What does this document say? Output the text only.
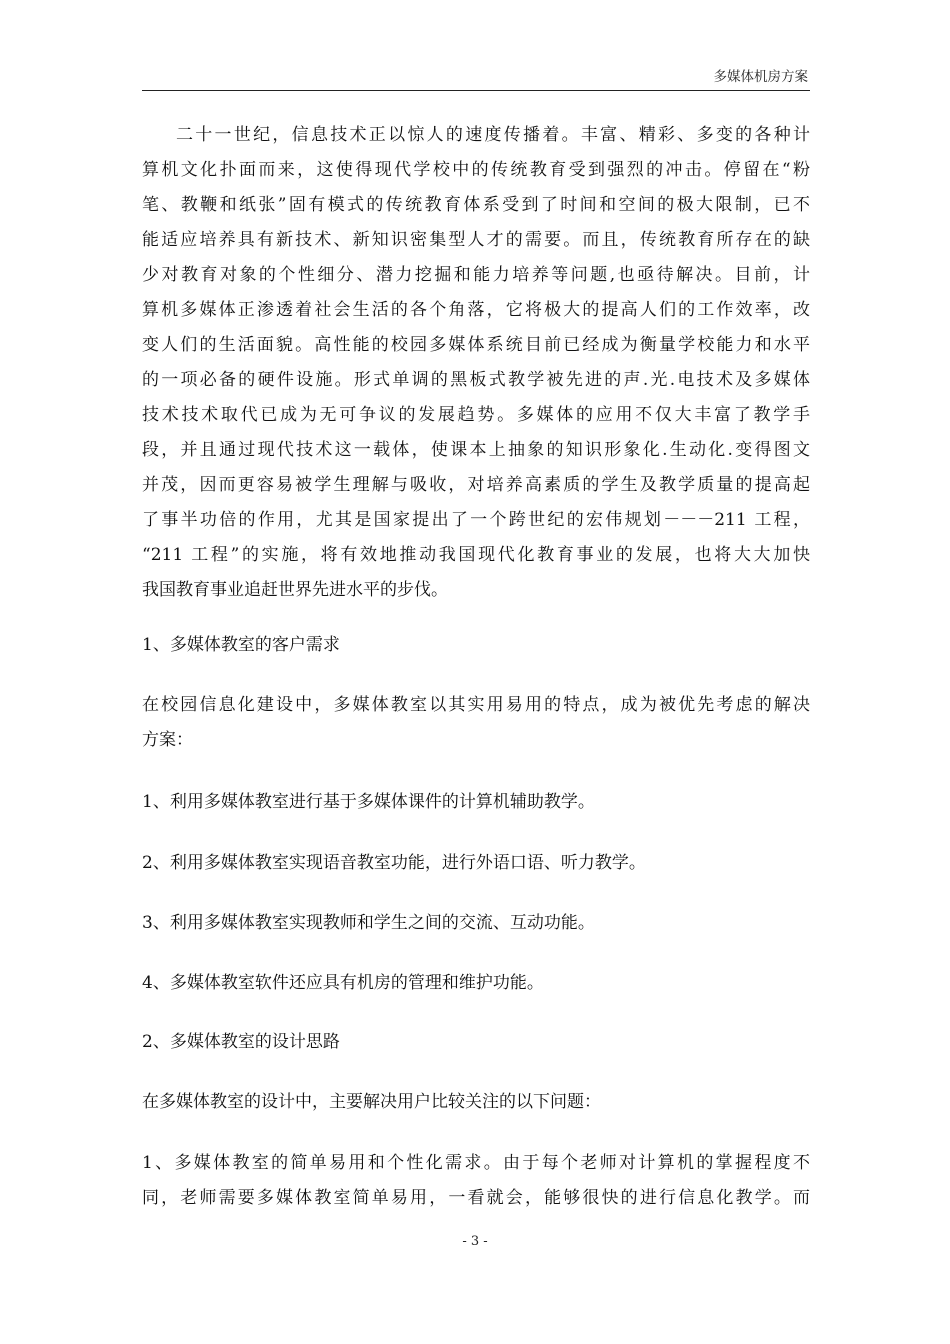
多媒体机房方案
二十一世纪，信息技术正以惊人的速度传播着。丰富、精彩、多变的各种计
算机文化扑面而来，这使得现代学校中的传统教育受到强烈的冲击。停留在“粉
笔、教鞭和纸张”固有模式的传统教育体系受到了时间和空间的极大限制，已不
能适应培养具有新技术、新知识密集型人才的需要。而且，传统教育所存在的缺
少对教育对象的个性细分、潜力挖掘和能力培养等问题,也亟待解决。目前，计
算机多媒体正渗透着社会生活的各个角落，它将极大的提高人们的工作效率，改
变人们的生活面貌。高性能的校园多媒体系统目前已经成为衡量学校能力和水平
的一项必备的硬件设施。形式单调的黑板式教学被先进的声.光.电技术及多媒体
技术技术取代已成为无可争议的发展趋势。多媒体的应用不仅大丰富了教学手
段，并且通过现代技术这一载体，使课本上抽象的知识形象化.生动化.变得图文
并茂，因而更容易被学生理解与吸收，对培养高素质的学生及教学质量的提高起
了事半功倍的作用，尤其是国家提出了一个跨世纪的宏伟规划－－－211 工程，
“211 工程”的实施，将有效地推动我国现代化教育事业的发展，也将大大加快
我国教育事业追赶世界先进水平的步伐。
1、多媒体教室的客户需求
在校园信息化建设中，多媒体教室以其实用易用的特点，成为被优先考虑的解决
方案：
1、利用多媒体教室进行基于多媒体课件的计算机辅助教学。
2、利用多媒体教室实现语音教室功能，进行外语口语、听力教学。
3、利用多媒体教室实现教师和学生之间的交流、互动功能。
4、多媒体教室软件还应具有机房的管理和维护功能。
2、多媒体教室的设计思路
在多媒体教室的设计中，主要解决用户比较关注的以下问题：
1、多媒体教室的简单易用和个性化需求。由于每个老师对计算机的掌握程度不
同，老师需要多媒体教室简单易用，一看就会，能够很快的进行信息化教学。而
- 3 -
